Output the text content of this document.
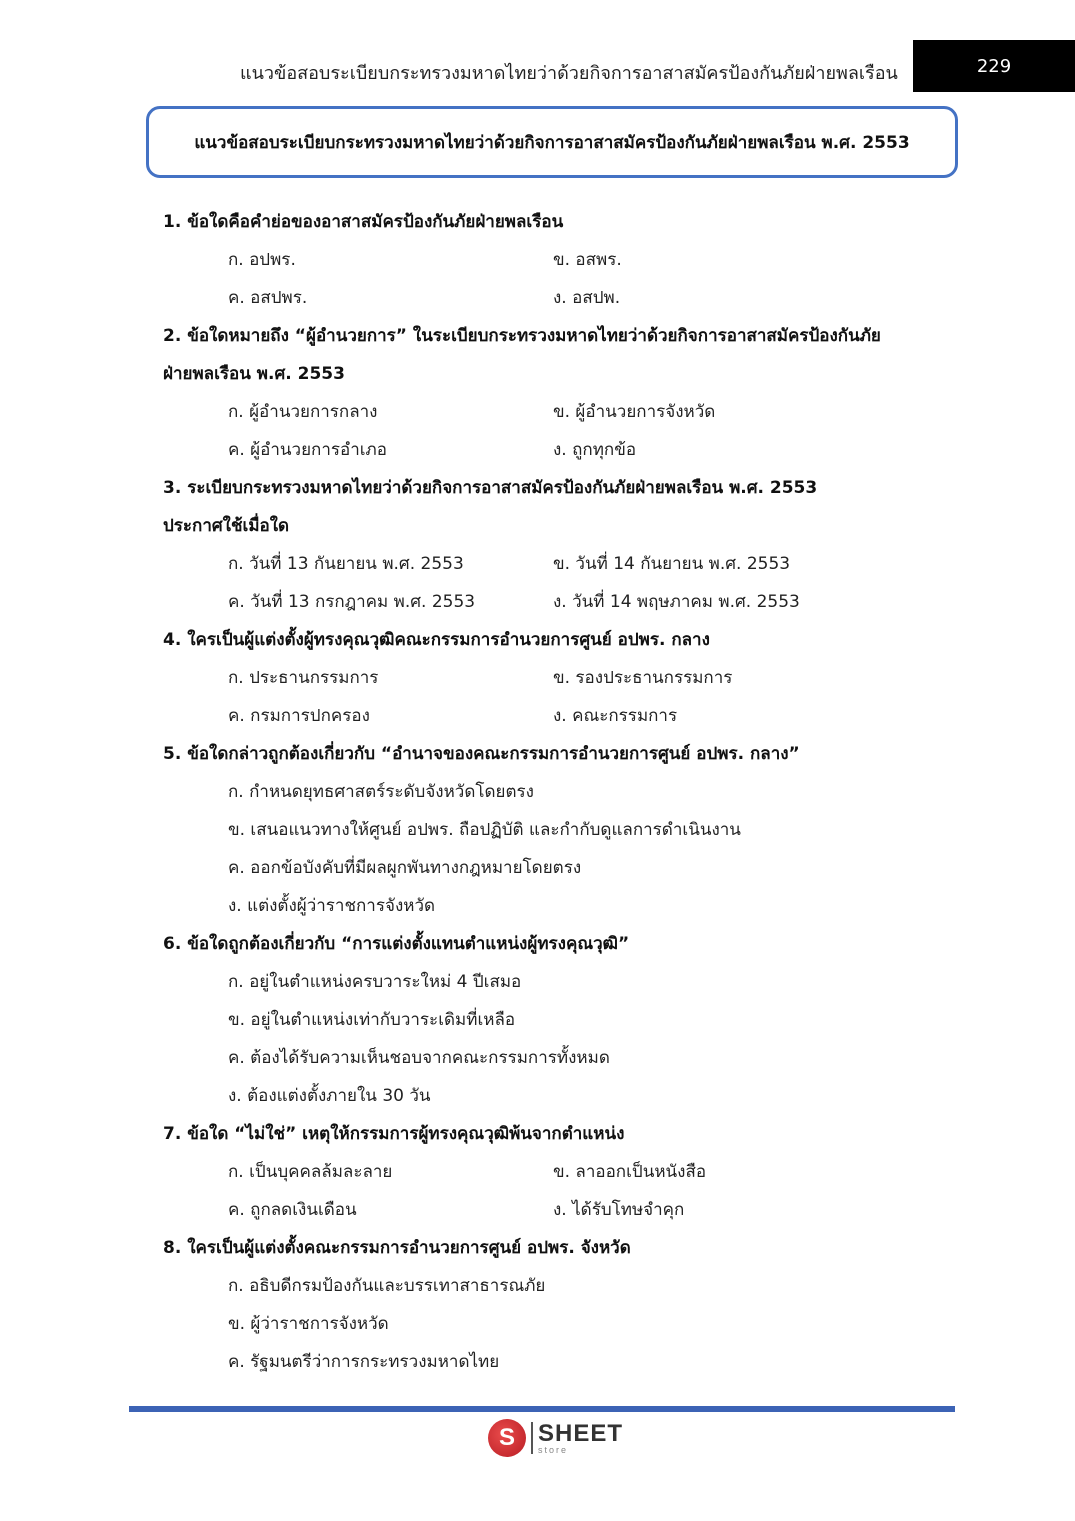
แนวข้อสอบระเบียบกระทรวงมหาดไทยว่าด้วยกิจการอาสาสมัครป้องกันภัยฝ่ายพลเรือน	229
แนวข้อสอบระเบียบกระทรวงมหาดไทยว่าด้วยกิจการอาสาสมัครป้องกันภัยฝ่ายพลเรือน พ.ศ. 2553
1. ข้อใดคือคำย่อของอาสาสมัครป้องกันภัยฝ่ายพลเรือน
ก. อปพร.	ข. อสพร.
ค. อสปพร.	ง. อสปพ.
2. ข้อใดหมายถึง “ผู้อำนวยการ” ในระเบียบกระทรวงมหาดไทยว่าด้วยกิจการอาสาสมัครป้องกันภัย
ฝ่ายพลเรือน พ.ศ. 2553
ก. ผู้อำนวยการกลาง	ข. ผู้อำนวยการจังหวัด
ค. ผู้อำนวยการอำเภอ	ง. ถูกทุกข้อ
3. ระเบียบกระทรวงมหาดไทยว่าด้วยกิจการอาสาสมัครป้องกันภัยฝ่ายพลเรือน พ.ศ. 2553
ประกาศใช้เมื่อใด
ก. วันที่ 13 กันยายน พ.ศ. 2553	ข. วันที่ 14 กันยายน พ.ศ. 2553
ค. วันที่ 13 กรกฎาคม พ.ศ. 2553	ง. วันที่ 14 พฤษภาคม พ.ศ. 2553
4. ใครเป็นผู้แต่งตั้งผู้ทรงคุณวุฒิคณะกรรมการอำนวยการศูนย์ อปพร. กลาง
ก. ประธานกรรมการ	ข. รองประธานกรรมการ
ค. กรมการปกครอง	ง. คณะกรรมการ
5. ข้อใดกล่าวถูกต้องเกี่ยวกับ “อำนาจของคณะกรรมการอำนวยการศูนย์ อปพร. กลาง”
ก. กำหนดยุทธศาสตร์ระดับจังหวัดโดยตรง
ข. เสนอแนวทางให้ศูนย์ อปพร. ถือปฏิบัติ และกำกับดูแลการดำเนินงาน
ค. ออกข้อบังคับที่มีผลผูกพันทางกฎหมายโดยตรง
ง. แต่งตั้งผู้ว่าราชการจังหวัด
6. ข้อใดถูกต้องเกี่ยวกับ “การแต่งตั้งแทนตำแหน่งผู้ทรงคุณวุฒิ”
ก. อยู่ในตำแหน่งครบวาระใหม่ 4 ปีเสมอ
ข. อยู่ในตำแหน่งเท่ากับวาระเดิมที่เหลือ
ค. ต้องได้รับความเห็นชอบจากคณะกรรมการทั้งหมด
ง. ต้องแต่งตั้งภายใน 30 วัน
7. ข้อใด “ไม่ใช่” เหตุให้กรรมการผู้ทรงคุณวุฒิพ้นจากตำแหน่ง
ก. เป็นบุคคลล้มละลาย	ข. ลาออกเป็นหนังสือ
ค. ถูกลดเงินเดือน	ง. ได้รับโทษจำคุก
8. ใครเป็นผู้แต่งตั้งคณะกรรมการอำนวยการศูนย์ อปพร. จังหวัด
ก. อธิบดีกรมป้องกันและบรรเทาสาธารณภัย
ข. ผู้ว่าราชการจังหวัด
ค. รัฐมนตรีว่าการกระทรวงมหาดไทย
S SHEET
store
